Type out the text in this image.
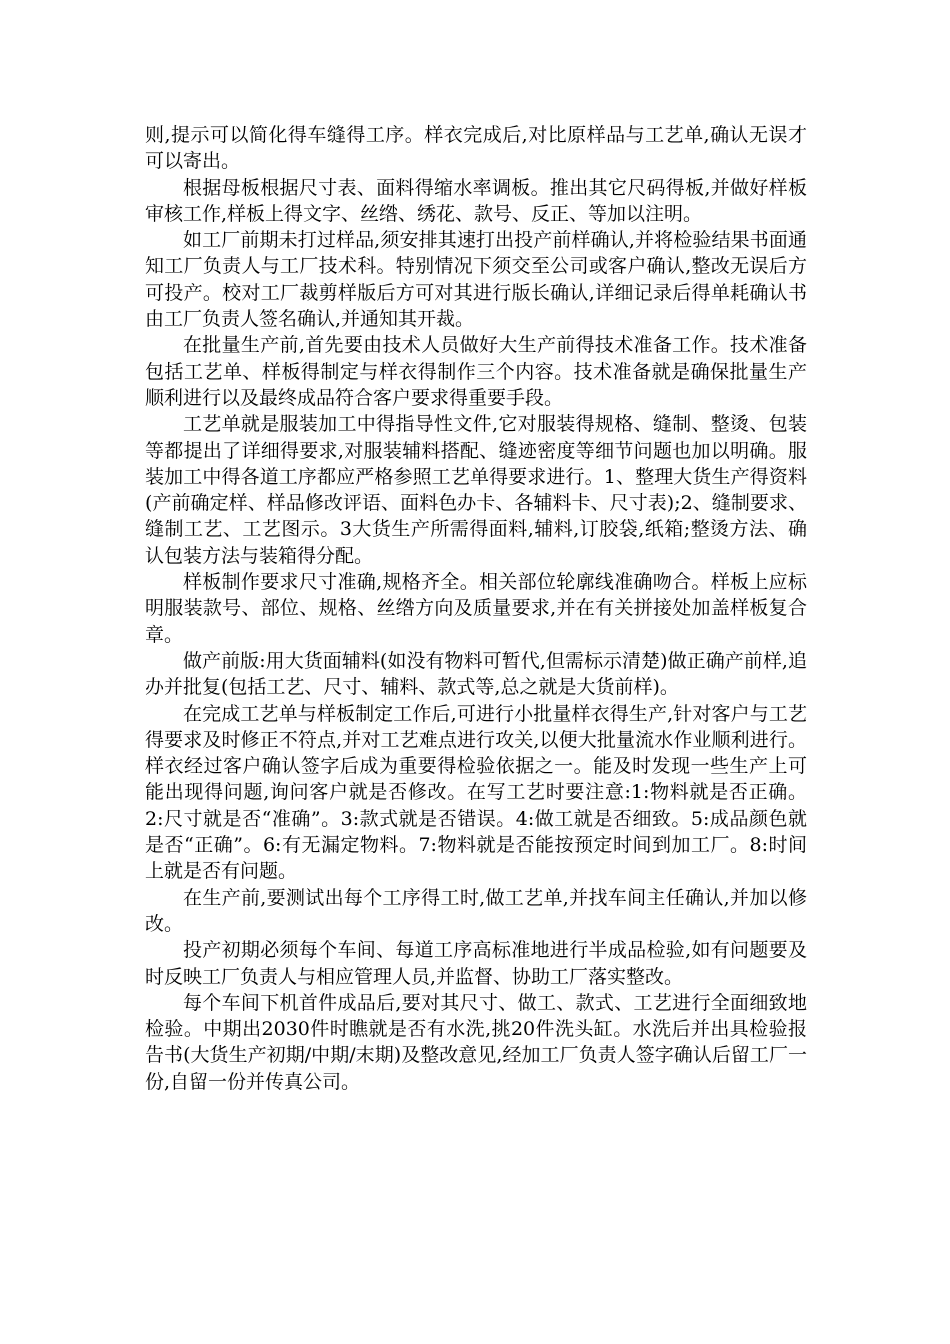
则,提示可以简化得车缝得工序。样衣完成后,对比原样品与工艺单,确认无误才可以寄出。

根据母板根据尺寸表、面料得缩水率调板。推出其它尺码得板,并做好样板审核工作,样板上得文字、丝绺、绣花、款号、反正、等加以注明。

如工厂前期未打过样品,须安排其速打出投产前样确认,并将检验结果书面通知工厂负责人与工厂技术科。特别情况下须交至公司或客户确认,整改无误后方可投产。校对工厂裁剪样版后方可对其进行版长确认,详细记录后得单耗确认书由工厂负责人签名确认,并通知其开裁。

在批量生产前,首先要由技术人员做好大生产前得技术准备工作。技术准备包括工艺单、样板得制定与样衣得制作三个内容。技术准备就是确保批量生产顺利进行以及最终成品符合客户要求得重要手段。

工艺单就是服装加工中得指导性文件,它对服装得规格、缝制、整烫、包装等都提出了详细得要求,对服装辅料搭配、缝迹密度等细节问题也加以明确。服装加工中得各道工序都应严格参照工艺单得要求进行。1、整理大货生产得资料(产前确定样、样品修改评语、面料色办卡、各辅料卡、尺寸表);2、缝制要求、缝制工艺、工艺图示。3大货生产所需得面料,辅料,订胶袋,纸箱;整烫方法、确认包装方法与装箱得分配。

样板制作要求尺寸准确,规格齐全。相关部位轮廓线准确吻合。样板上应标明服装款号、部位、规格、丝绺方向及质量要求,并在有关拼接处加盖样板复合章。

做产前版:用大货面辅料(如没有物料可暂代,但需标示清楚)做正确产前样,追办并批复(包括工艺、尺寸、辅料、款式等,总之就是大货前样)。

在完成工艺单与样板制定工作后,可进行小批量样衣得生产,针对客户与工艺得要求及时修正不符点,并对工艺难点进行攻关,以便大批量流水作业顺利进行。样衣经过客户确认签字后成为重要得检验依据之一。能及时发现一些生产上可能出现得问题,询问客户就是否修改。在写工艺时要注意:1:物料就是否正确。 2:尺寸就是否“准确”。3:款式就是否错误。4:做工就是否细致。5:成品颜色就是否“正确”。6:有无漏定物料。7:物料就是否能按预定时间到加工厂。8:时间上就是否有问题。

在生产前,要测试出每个工序得工时,做工艺单,并找车间主任确认,并加以修改。

投产初期必须每个车间、每道工序高标准地进行半成品检验,如有问题要及时反映工厂负责人与相应管理人员,并监督、协助工厂落实整改。

每个车间下机首件成品后,要对其尺寸、做工、款式、工艺进行全面细致地检验。中期出2030件时瞧就是否有水洗,挑20件洗头缸。水洗后并出具检验报告书(大货生产初期/中期/末期)及整改意见,经加工厂负责人签字确认后留工厂一份,自留一份并传真公司。
